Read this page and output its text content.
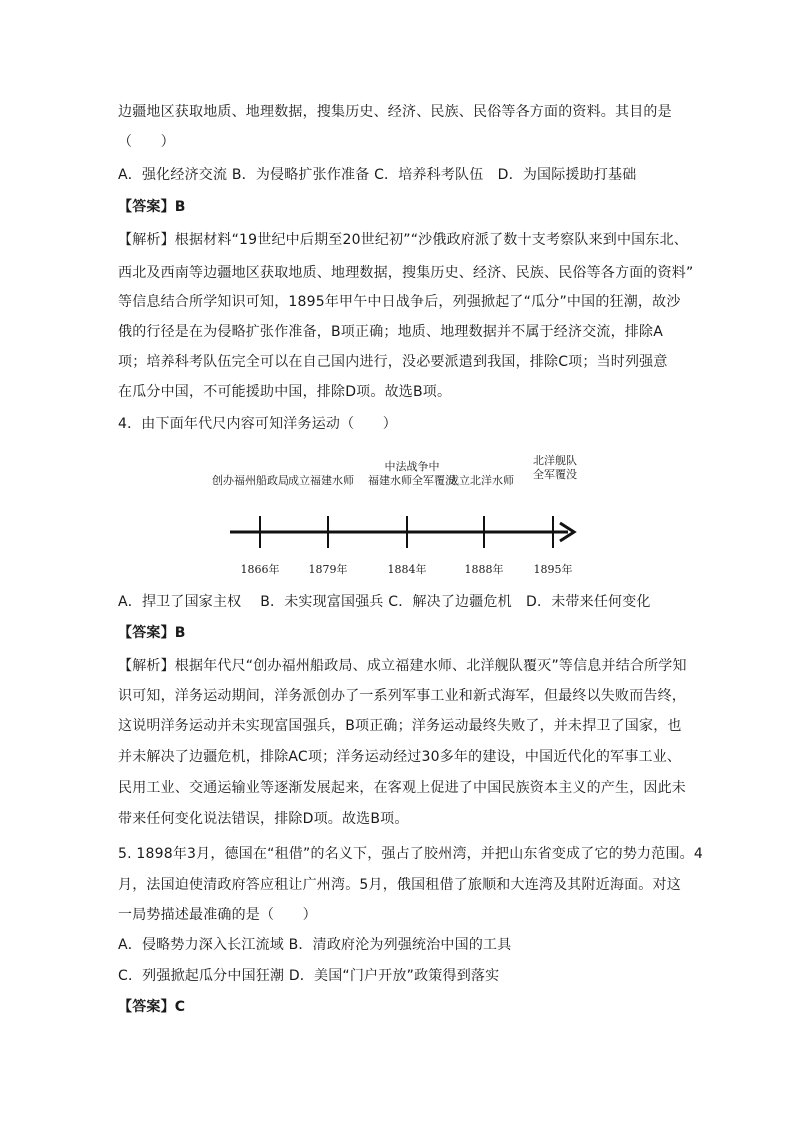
边疆地区获取地质、地理数据，搜集历史、经济、民族、民俗等各方面的资料。其目的是
（　　）
A．强化经济交流 B．为侵略扩张作准备 C．培养科考队伍　D．为国际援助打基础
【答案】B
【解析】根据材料“19世纪中后期至20世纪初”“沙俄政府派了数十支考察队来到中国东北、
西北及西南等边疆地区获取地质、地理数据，搜集历史、经济、民族、民俗等各方面的资料”
等信息结合所学知识可知，1895年甲午中日战争后，列强掀起了“瓜分”中国的狂潮，故沙
俄的行径是在为侵略扩张作准备，B项正确；地质、地理数据并不属于经济交流，排除A
项；培养科考队伍完全可以在自己国内进行，没必要派遣到我国，排除C项；当时列强意
在瓜分中国，不可能援助中国，排除D项。故选B项。
4．由下面年代尺内容可知洋务运动（　　）
创办福州船政局 成立福建水师
中法战争中
福建水师全军覆没
成立北洋水师
北洋舰队
全军覆没
1866年	1879年	1884年	1888年	1895年
A．捍卫了国家主权　 B．未实现富国强兵 C．解决了边疆危机　D．未带来任何变化
【答案】B
【解析】根据年代尺“创办福州船政局、成立福建水师、北洋舰队覆灭”等信息并结合所学知
识可知，洋务运动期间，洋务派创办了一系列军事工业和新式海军，但最终以失败而告终，
这说明洋务运动并未实现富国强兵，B项正确；洋务运动最终失败了，并未捍卫了国家，也
并未解决了边疆危机，排除AC项；洋务运动经过30多年的建设，中国近代化的军事工业、
民用工业、交通运输业等逐渐发展起来，在客观上促进了中国民族资本主义的产生，因此未
带来任何变化说法错误，排除D项。故选B项。
5. 1898年3月，德国在“租借”的名义下，强占了胶州湾，并把山东省变成了它的势力范围。4
月，法国迫使清政府答应租让广州湾。5月，俄国租借了旅顺和大连湾及其附近海面。对这
一局势描述最准确的是（　　）
A．侵略势力深入长江流域 B．清政府沦为列强统治中国的工具
C．列强掀起瓜分中国狂潮 D．美国“门户开放”政策得到落实
【答案】C
